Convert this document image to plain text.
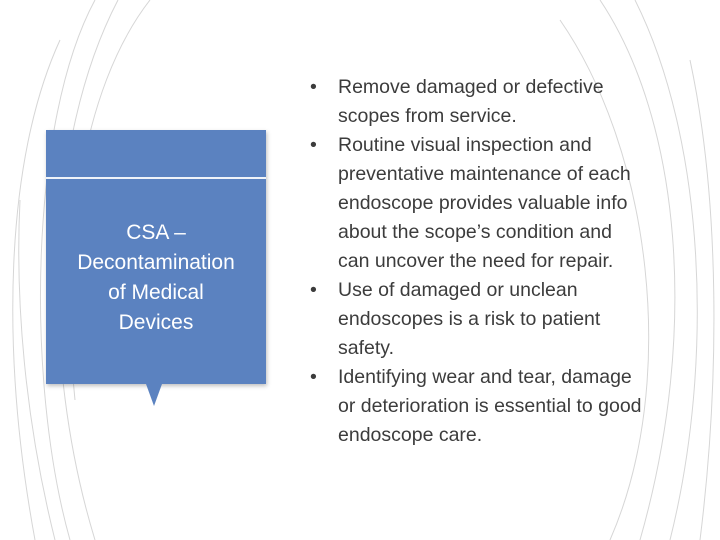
CSA –
Decontamination
of Medical
Devices
• Remove damaged or defective
scopes from service.
• Routine visual inspection and
preventative maintenance of each
endoscope provides valuable info
about the scope’s condition and
can uncover the need for repair.
• Use of damaged or unclean
endoscopes is a risk to patient
safety.
• Identifying wear and tear, damage
or deterioration is essential to good
endoscope care.
